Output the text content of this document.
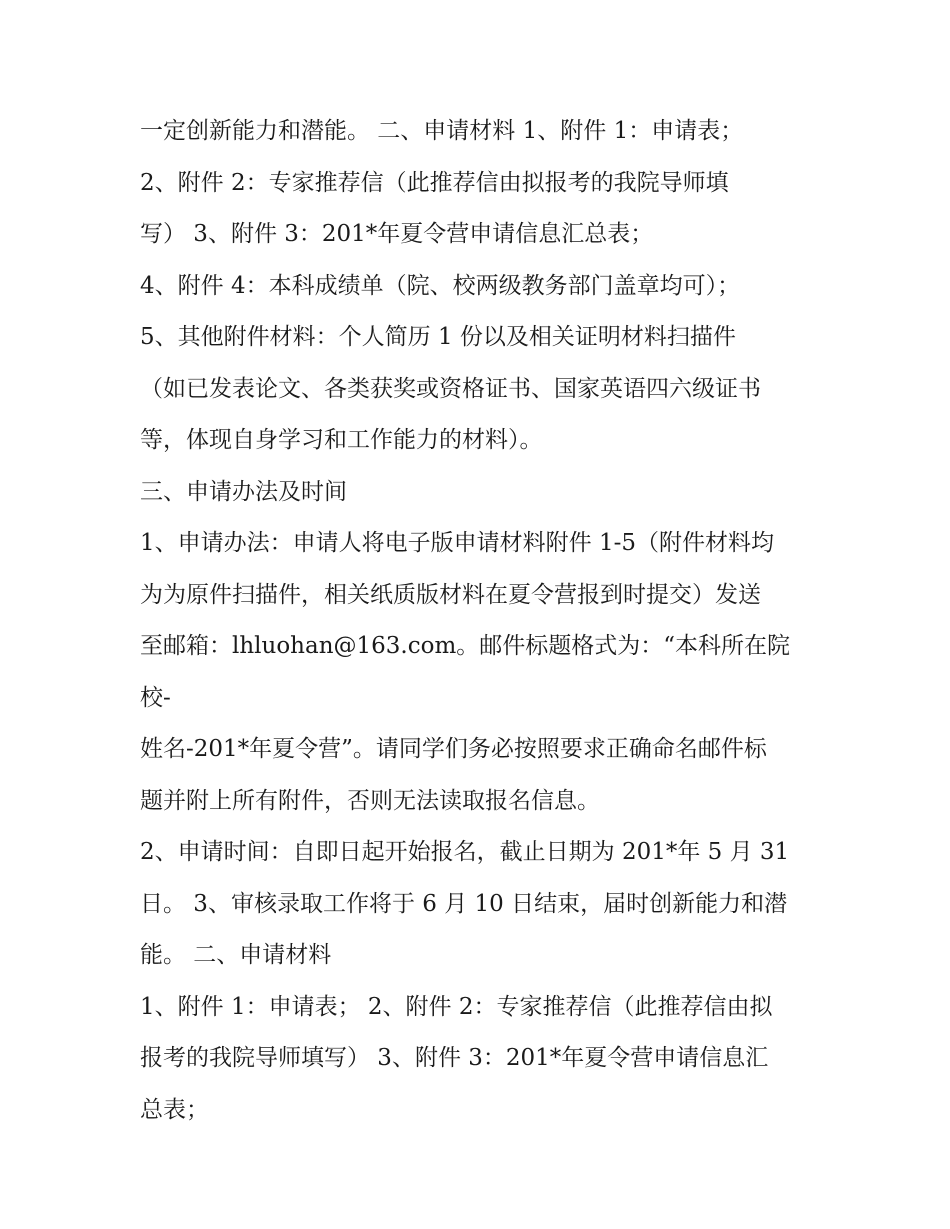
一定创新能力和潜能。 二、申请材料 1、附件 1：申请表；

2、附件 2：专家推荐信（此推荐信由拟报考的我院导师填

写） 3、附件 3：201*年夏令营申请信息汇总表；

4、附件 4：本科成绩单（院、校两级教务部门盖章均可）；

5、其他附件材料：个人简历 1 份以及相关证明材料扫描件

（如已发表论文、各类获奖或资格证书、国家英语四六级证书

等，体现自身学习和工作能力的材料）。

三、申请办法及时间

1、申请办法：申请人将电子版申请材料附件 1-5（附件材料均

为为原件扫描件，相关纸质版材料在夏令营报到时提交）发送

至邮箱：lhluohan@163.com。邮件标题格式为：“本科所在院

校-

姓名-201*年夏令营”。请同学们务必按照要求正确命名邮件标

题并附上所有附件，否则无法读取报名信息。

2、申请时间：自即日起开始报名，截止日期为 201*年 5 月 31

日。 3、审核录取工作将于 6 月 10 日结束，届时创新能力和潜

能。 二、申请材料

1、附件 1：申请表； 2、附件 2：专家推荐信（此推荐信由拟

报考的我院导师填写） 3、附件 3：201*年夏令营申请信息汇

总表；
